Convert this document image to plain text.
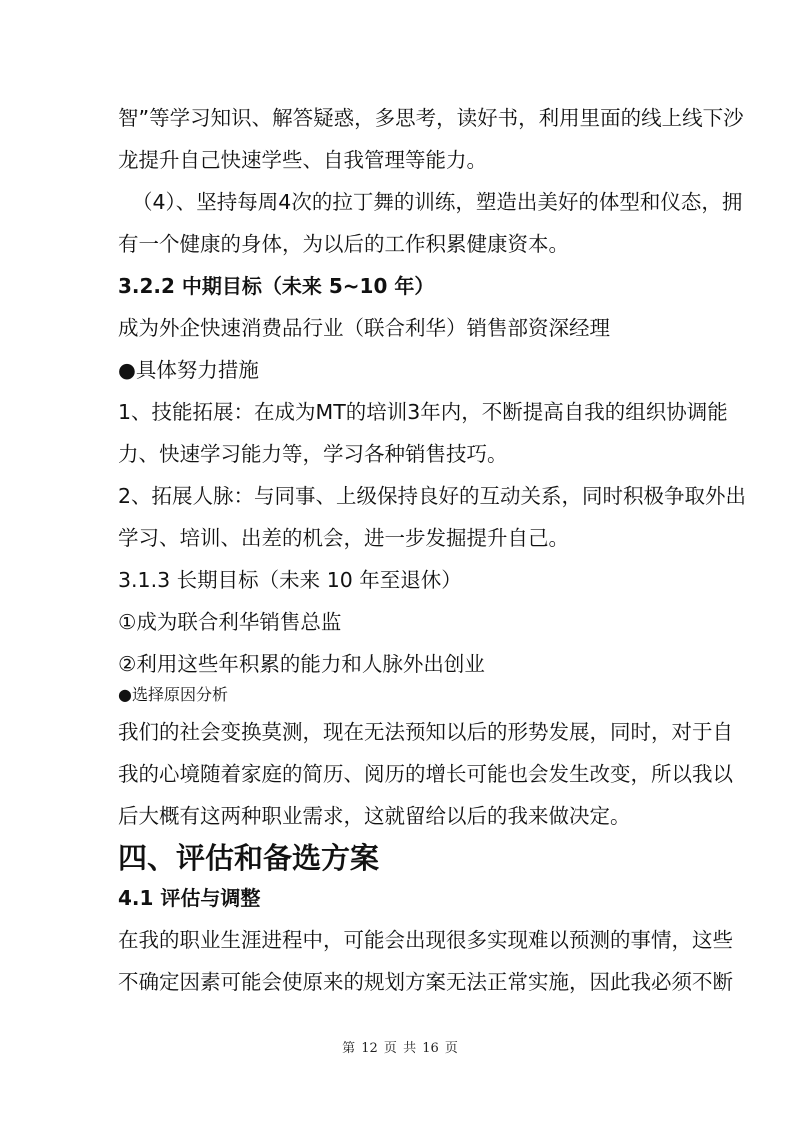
智”等学习知识、解答疑惑，多思考，读好书，利用里面的线上线下沙
龙提升自己快速学些、自我管理等能力。
（4）、坚持每周4次的拉丁舞的训练，塑造出美好的体型和仪态，拥
有一个健康的身体，为以后的工作积累健康资本。
3.2.2 中期目标（未来 5~10 年）
成为外企快速消费品行业（联合利华）销售部资深经理
●具体努力措施
1、技能拓展：在成为MT的培训3年内，不断提高自我的组织协调能
力、快速学习能力等，学习各种销售技巧。
2、拓展人脉：与同事、上级保持良好的互动关系，同时积极争取外出
学习、培训、出差的机会，进一步发掘提升自己。
3.1.3 长期目标（未来 10 年至退休）
①成为联合利华销售总监
②利用这些年积累的能力和人脉外出创业
●选择原因分析
我们的社会变换莫测，现在无法预知以后的形势发展，同时，对于自
我的心境随着家庭的简历、阅历的增长可能也会发生改变，所以我以
后大概有这两种职业需求，这就留给以后的我来做决定。
四、评估和备选方案
4.1 评估与调整
在我的职业生涯进程中，可能会出现很多实现难以预测的事情，这些
不确定因素可能会使原来的规划方案无法正常实施，因此我必须不断
第 12 页 共 16 页
